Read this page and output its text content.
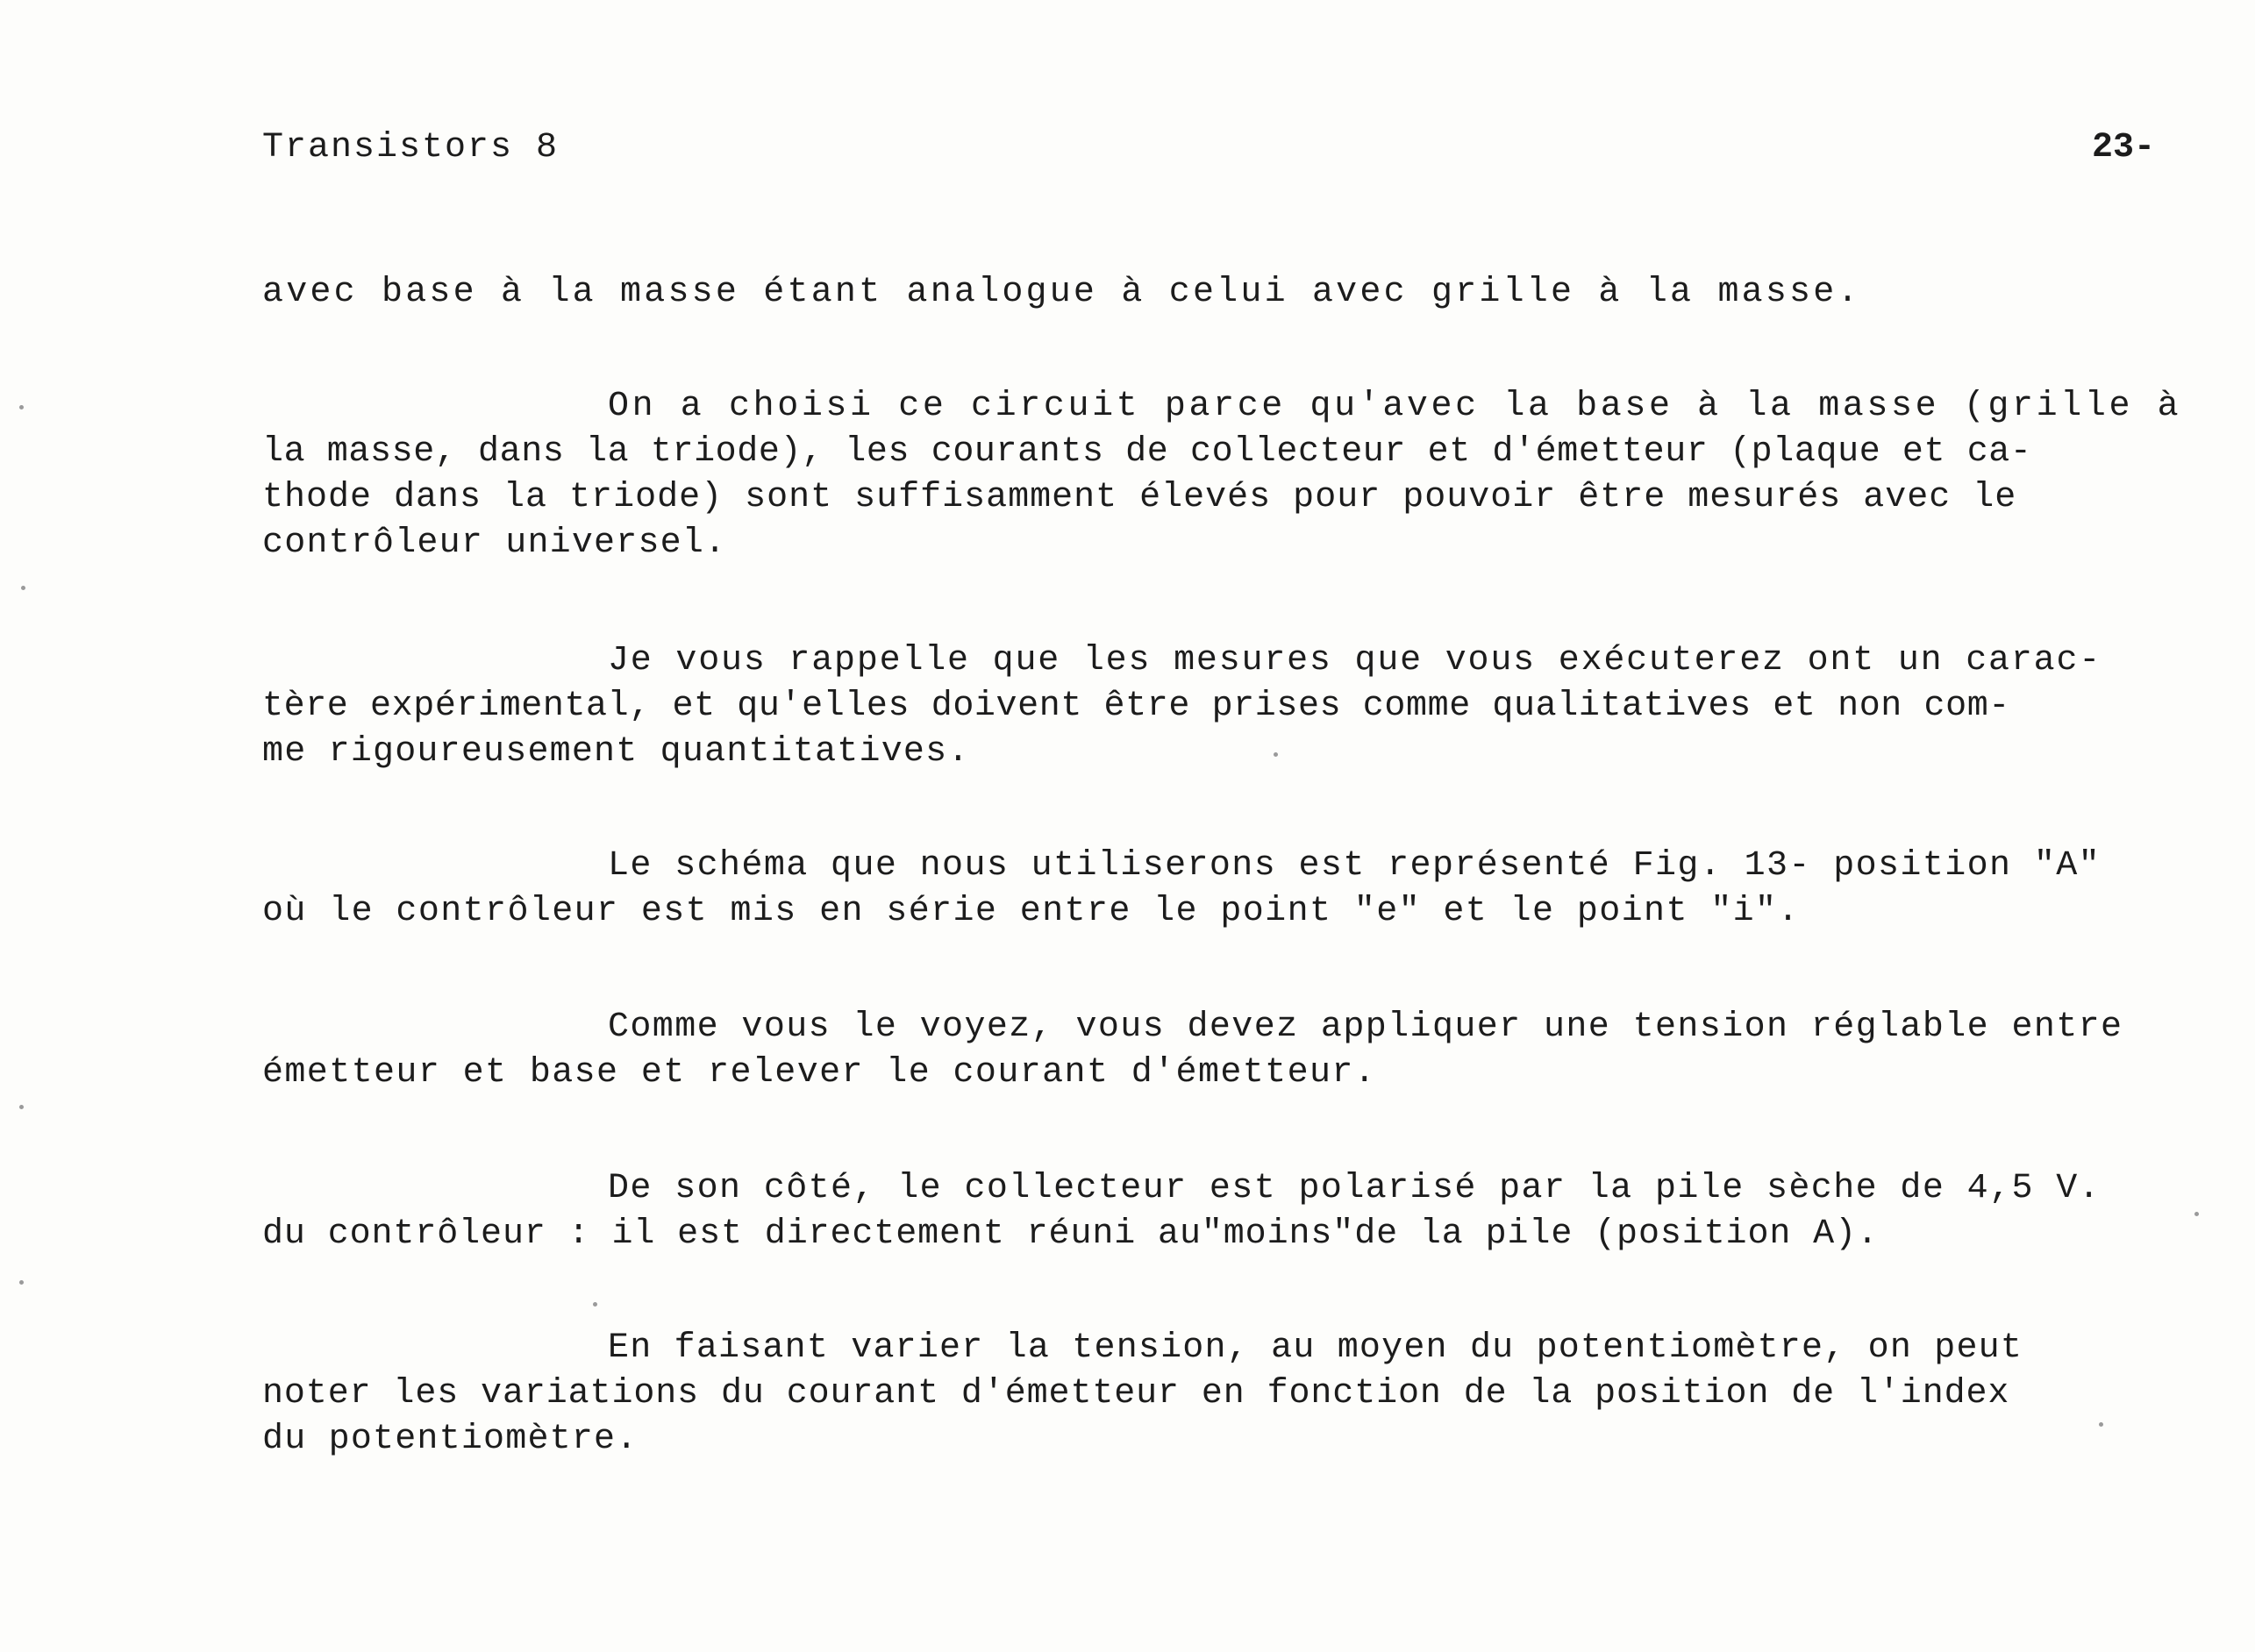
Transistors 8	23-
avec base à la masse étant analogue à celui avec grille à la masse.
On a choisi ce circuit parce qu'avec la base à la masse (grille à
la masse, dans la triode), les courants de collecteur et d'émetteur (plaque et ca-
thode dans la triode) sont suffisamment élevés pour pouvoir être mesurés avec le
contrôleur universel.
Je vous rappelle que les mesures que vous exécuterez ont un carac-
tère expérimental, et qu'elles doivent être prises comme qualitatives et non com-
me rigoureusement quantitatives.
Le schéma que nous utiliserons est représenté Fig. 13- position "A"
où le contrôleur est mis en série entre le point "e" et le point "i".
Comme vous le voyez, vous devez appliquer une tension réglable entre
émetteur et base et relever le courant d'émetteur.
De son côté, le collecteur est polarisé par la pile sèche de 4,5 V.
du contrôleur : il est directement réuni au"moins"de la pile (position A).
En faisant varier la tension, au moyen du potentiomètre, on peut
noter les variations du courant d'émetteur en fonction de la position de l'index
du potentiomètre.
